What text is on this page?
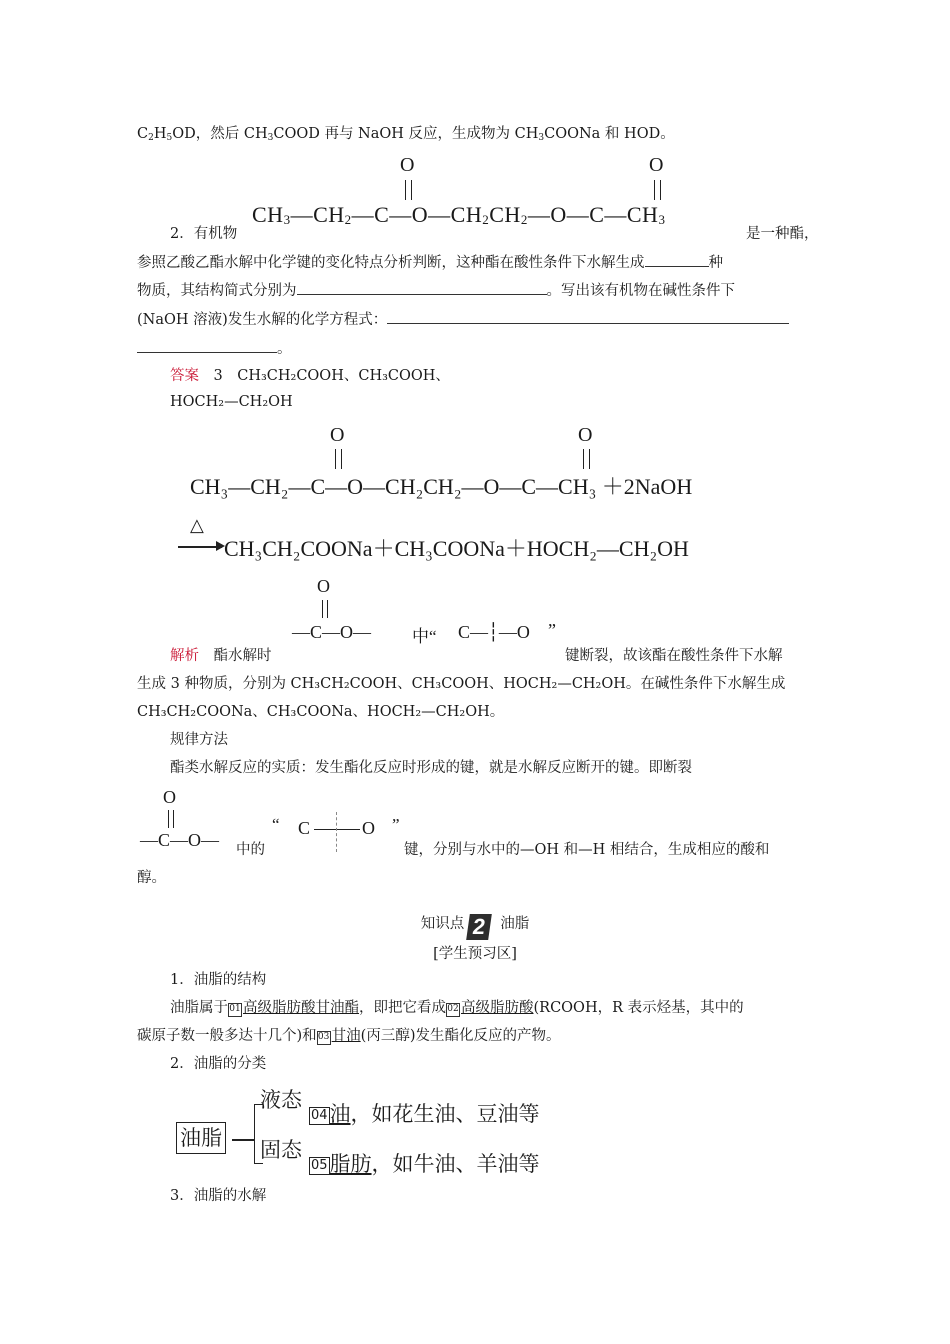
$C_2H_5OD$，然后 $CH_3COOD$ 再与 NaOH 反应，生成物为 $CH_3COONa$ 和 HOD。
O	O
$CH_3—CH_2—C—O—CH_2CH_2—O—C—CH_3$
2．有机物	是一种酯，
参照乙酸乙酯水解中化学键的变化特点分析判断，这种酯在酸性条件下水解生成	种
物质，其结构简式分别为	。写出该有机物在碱性条件下
(NaOH 溶液)发生水解的化学方程式：
。
答案　 3　CH₃CH₂COOH、CH₃COOH、
HOCH₂—CH₂OH
O	O
CH₃—CH₂—C—O—CH₂CH₂—O—C—CH₃ ＋2NaOH
△
CH₃CH₂COONa＋CH₃COONa＋HOCH₂—CH₂OH
O
—C—O— 中“ C—┆—O ”
解析　 酯水解时	键断裂，故该酯在酸性条件下水解
生成 3 种物质，分别为 CH₃CH₂COOH、CH₃COOH、HOCH₂—CH₂OH。在碱性条件下水解生成
CH₃CH₂COONa、CH₃COONa、HOCH₂—CH₂OH。
规律方法
酯类水解反应的实质：发生酯化反应时形成的键，就是水解反应断开的键。即断裂
O
—C—O— 中的
“ C	O ”
键，分别与水中的—OH 和—H 相结合，生成相应的酸和
醇。
知识点 2 油脂
[学生预习区]
1．油脂的结构
油脂属于01 高级脂肪酸甘油酯，即把它看成02 高级脂肪酸(RCOOH，R 表示烃基，其中的
碳原子数一般多达十几个)和03 甘油(丙三醇)发生酯化反应的产物。
2．油脂的分类
油脂
液态
固态
04油，如花生油、豆油等
05脂肪，如牛油、羊油等
3．油脂的水解
